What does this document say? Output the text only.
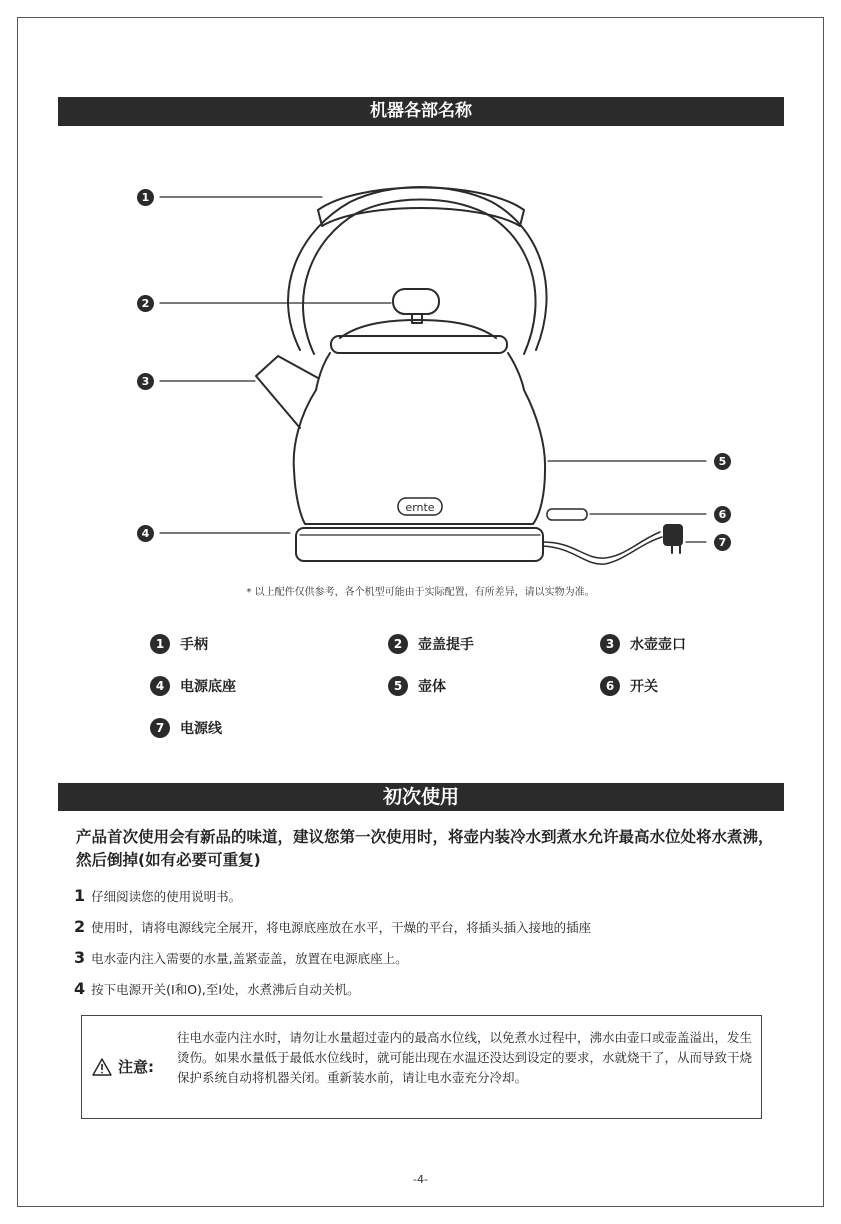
机器各部名称
ernte
1
2
3
4
5
6
7
* 以上配件仅供参考，各个机型可能由于实际配置，有所差异，请以实物为准。
1	手柄	2	壶盖提手	3	水壶壶口
4	电源底座	5	壶体	6	开关
7	电源线
初次使用
产品首次使用会有新品的味道，建议您第一次使用时，将壶内装冷水到煮水允许最高水位处将水煮沸，然后倒掉(如有必要可重复)
1 仔细阅读您的使用说明书。
2 使用时，请将电源线完全展开，将电源底座放在水平，干燥的平台，将插头插入接地的插座
3 电水壶内注入需要的水量,盖紧壶盖，放置在电源底座上。
4 按下电源开关(I和O),至I处，水煮沸后自动关机。
注意:
往电水壶内注水时，请勿让水量超过壶内的最高水位线，以免煮水过程中，沸水由壶口或壶盖溢出，发生烫伤。如果水量低于最低水位线时，就可能出现在水温还没达到设定的要求，水就烧干了，从而导致干烧保护系统自动将机器关闭。重新装水前，请让电水壶充分冷却。
-4-
